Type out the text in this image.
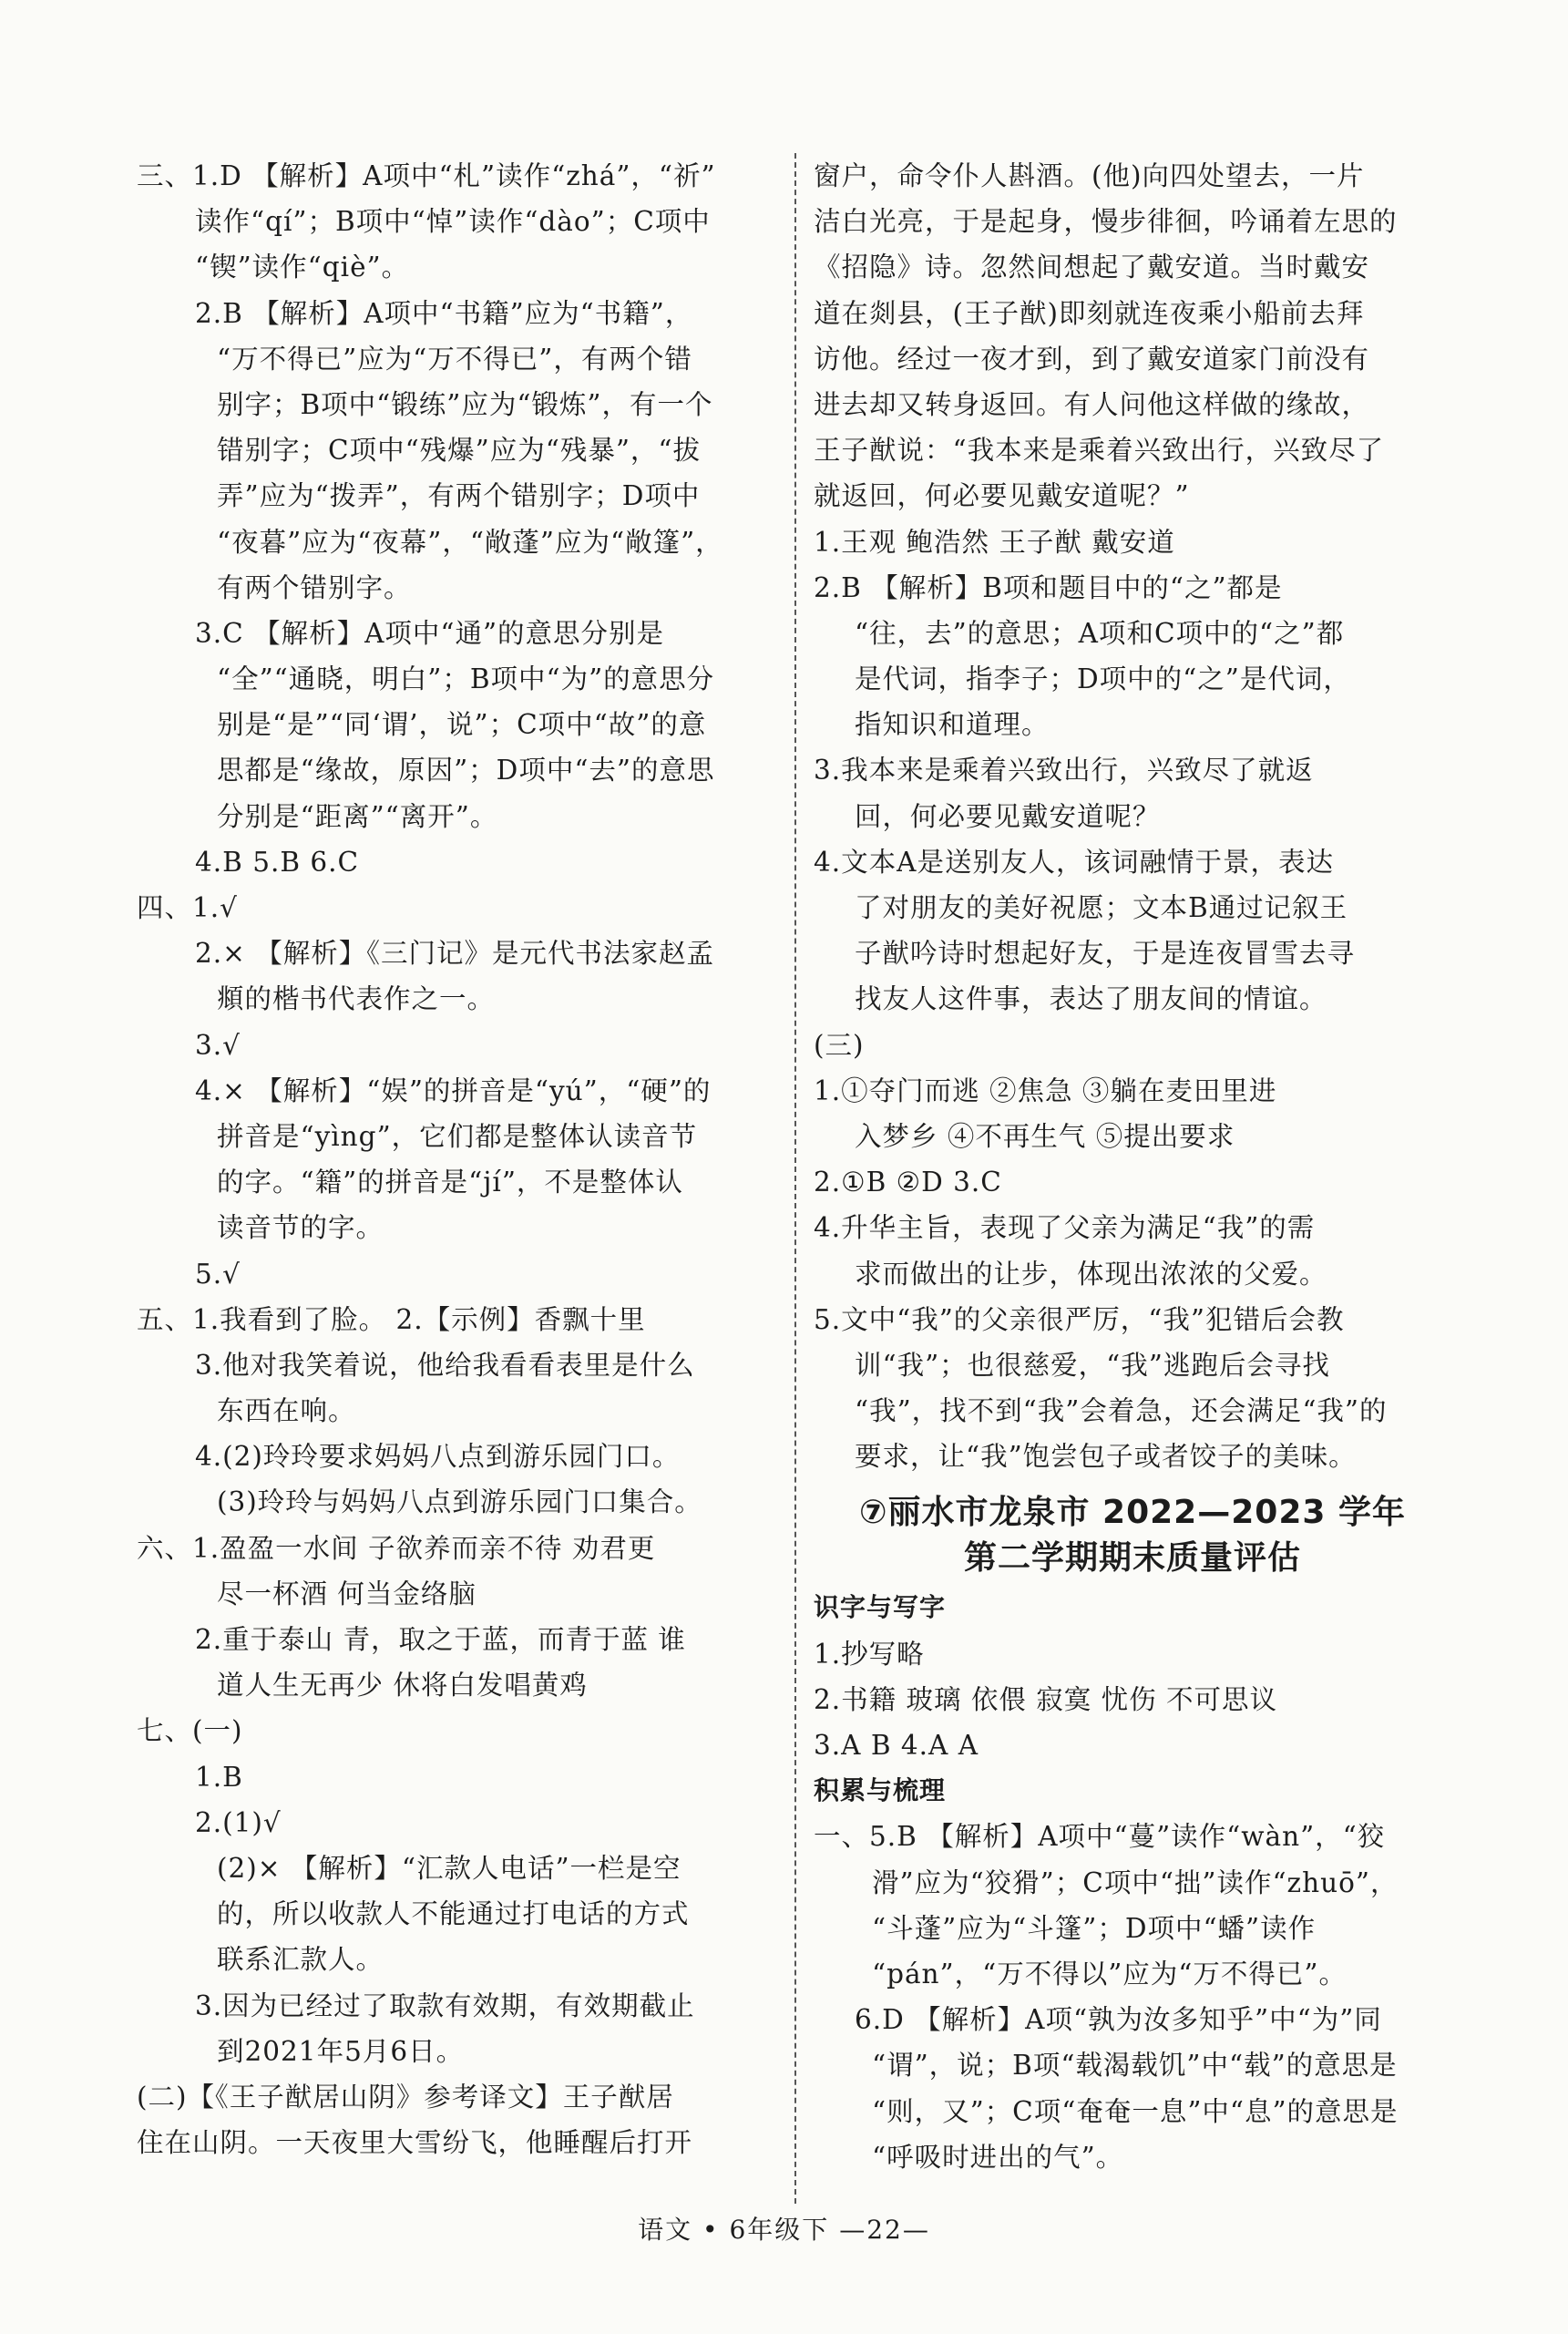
三、1.D 【解析】A项中“札”读作“zhá”，“祈”
读作“qí”；B项中“悼”读作“dào”；C项中
“锲”读作“qiè”。
2.B 【解析】A项中“书籍”应为“书籍”，
“万不得已”应为“万不得已”，有两个错
别字；B项中“锻练”应为“锻炼”，有一个
错别字；C项中“残爆”应为“残暴”，“拔
弄”应为“拨弄”，有两个错别字；D项中
“夜暮”应为“夜幕”，“敞蓬”应为“敞篷”，
有两个错别字。
3.C 【解析】A项中“通”的意思分别是
“全”“通晓，明白”；B项中“为”的意思分
别是“是”“同‘谓’，说”；C项中“故”的意
思都是“缘故，原因”；D项中“去”的意思
分别是“距离”“离开”。
4.B 5.B 6.C
四、1.√
2.× 【解析】《三门记》是元代书法家赵孟
頫的楷书代表作之一。
3.√
4.× 【解析】“娱”的拼音是“yú”，“硬”的
拼音是“yìng”，它们都是整体认读音节
的字。“籍”的拼音是“jí”，不是整体认
读音节的字。
5.√
五、1.我看到了脸。 2.【示例】香飘十里
3.他对我笑着说，他给我看看表里是什么
东西在响。
4.(2)玲玲要求妈妈八点到游乐园门口。
(3)玲玲与妈妈八点到游乐园门口集合。
六、1.盈盈一水间 子欲养而亲不待 劝君更
尽一杯酒 何当金络脑
2.重于泰山 青，取之于蓝，而青于蓝 谁
道人生无再少 休将白发唱黄鸡
七、(一)
1.B
2.(1)√
(2)× 【解析】“汇款人电话”一栏是空
的，所以收款人不能通过打电话的方式
联系汇款人。
3.因为已经过了取款有效期，有效期截止
到2021年5月6日。
(二)【《王子猷居山阴》参考译文】王子猷居
住在山阴。一天夜里大雪纷飞，他睡醒后打开
窗户，命令仆人斟酒。(他)向四处望去，一片
洁白光亮，于是起身，慢步徘徊，吟诵着左思的
《招隐》诗。忽然间想起了戴安道。当时戴安
道在剡县，(王子猷)即刻就连夜乘小船前去拜
访他。经过一夜才到，到了戴安道家门前没有
进去却又转身返回。有人问他这样做的缘故，
王子猷说：“我本来是乘着兴致出行，兴致尽了
就返回，何必要见戴安道呢？”
1.王观 鲍浩然 王子猷 戴安道
2.B 【解析】B项和题目中的“之”都是
“往，去”的意思；A项和C项中的“之”都
是代词，指李子；D项中的“之”是代词，
指知识和道理。
3.我本来是乘着兴致出行，兴致尽了就返
回，何必要见戴安道呢？
4.文本A是送别友人，该词融情于景，表达
了对朋友的美好祝愿；文本B通过记叙王
子猷吟诗时想起好友，于是连夜冒雪去寻
找友人这件事，表达了朋友间的情谊。
(三)
1.①夺门而逃 ②焦急 ③躺在麦田里进
入梦乡 ④不再生气 ⑤提出要求
2.①B ②D 3.C
4.升华主旨，表现了父亲为满足“我”的需
求而做出的让步，体现出浓浓的父爱。
5.文中“我”的父亲很严厉，“我”犯错后会教
训“我”；也很慈爱，“我”逃跑后会寻找
“我”，找不到“我”会着急，还会满足“我”的
要求，让“我”饱尝包子或者饺子的美味。
⑦丽水市龙泉市 2022—2023 学年
第二学期期末质量评估
识字与写字
1.抄写略
2.书籍 玻璃 依偎 寂寞 忧伤 不可思议
3.A B 4.A A
积累与梳理
一、5.B 【解析】A项中“蔓”读作“wàn”，“狡
滑”应为“狡猾”；C项中“拙”读作“zhuō”，
“斗蓬”应为“斗篷”；D项中“蟠”读作
“pán”，“万不得以”应为“万不得已”。
6.D 【解析】A项“孰为汝多知乎”中“为”同
“谓”，说；B项“载渴载饥”中“载”的意思是
“则，又”；C项“奄奄一息”中“息”的意思是
“呼吸时进出的气”。
语文 • 6年级下 —22—
